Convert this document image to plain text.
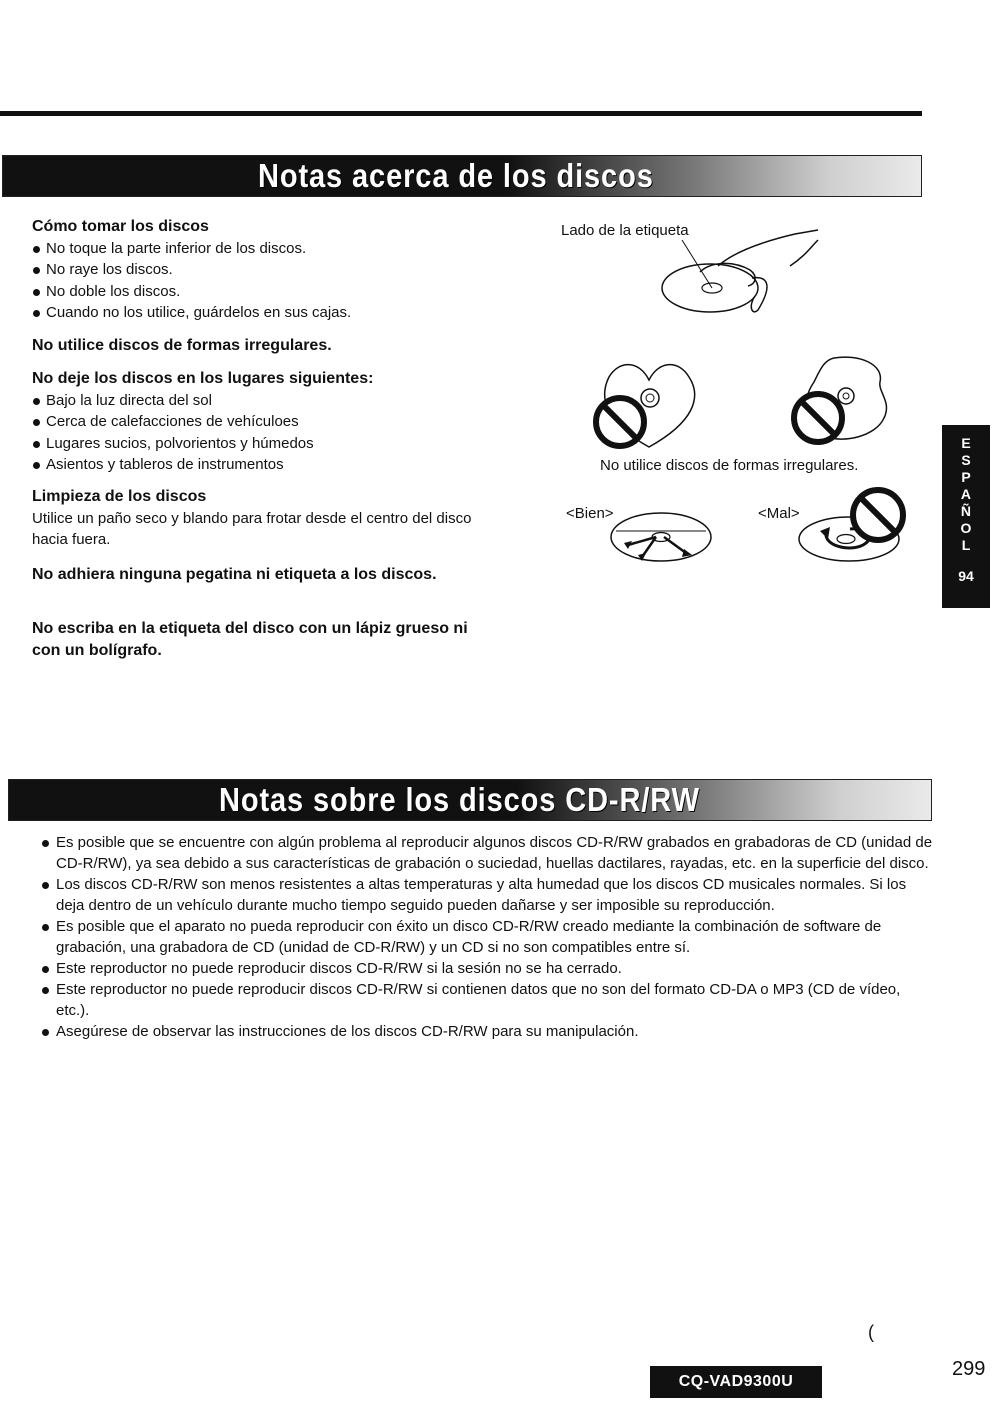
Notas acerca de los discos
Cómo tomar los discos
No toque la parte inferior de los discos.
No raye los discos.
No doble los discos.
Cuando no los utilice, guárdelos en sus cajas.
No utilice discos de formas irregulares.
No deje los discos en los lugares siguientes:
Bajo la luz directa del sol
Cerca de calefacciones de vehículoes
Lugares sucios, polvorientos y húmedos
Asientos y tableros de instrumentos
Limpieza de los discos

Utilice un paño seco y blando para frotar desde el centro del disco hacia fuera.

No adhiera ninguna pegatina ni etiqueta a los discos.
No escriba en la etiqueta del disco con un lápiz grueso ni con un bolígrafo.
Lado de la etiqueta
No utilice discos de formas irregulares.
<Bien>	<Mal>
E
S
P
A
Ñ
O
L
94
Notas sobre los discos CD-R/RW
Es posible que se encuentre con algún problema al reproducir algunos discos CD-R/RW grabados en grabadoras de CD (unidad de CD-R/RW), ya sea debido a sus características de grabación o suciedad, huellas dactilares, rayadas, etc. en la superficie del disco.
Los discos CD-R/RW son menos resistentes a altas temperaturas y alta humedad que los discos CD musicales normales. Si los deja dentro de un vehículo durante mucho tiempo seguido pueden dañarse y ser imposible su reproducción.
Es posible que el aparato no pueda reproducir con éxito un disco CD-R/RW creado mediante la combinación de software de grabación, una grabadora de CD (unidad de CD-R/RW) y un CD si no son compatibles entre sí.
Este reproductor no puede reproducir discos CD-R/RW si la sesión no se ha cerrado.
Este reproductor no puede reproducir discos CD-R/RW si contienen datos que no son del formato CD-DA o MP3 (CD de vídeo, etc.).
Asegúrese de observar las instrucciones de los discos CD-R/RW para su manipulación.
(
CQ-VAD9300U
299
